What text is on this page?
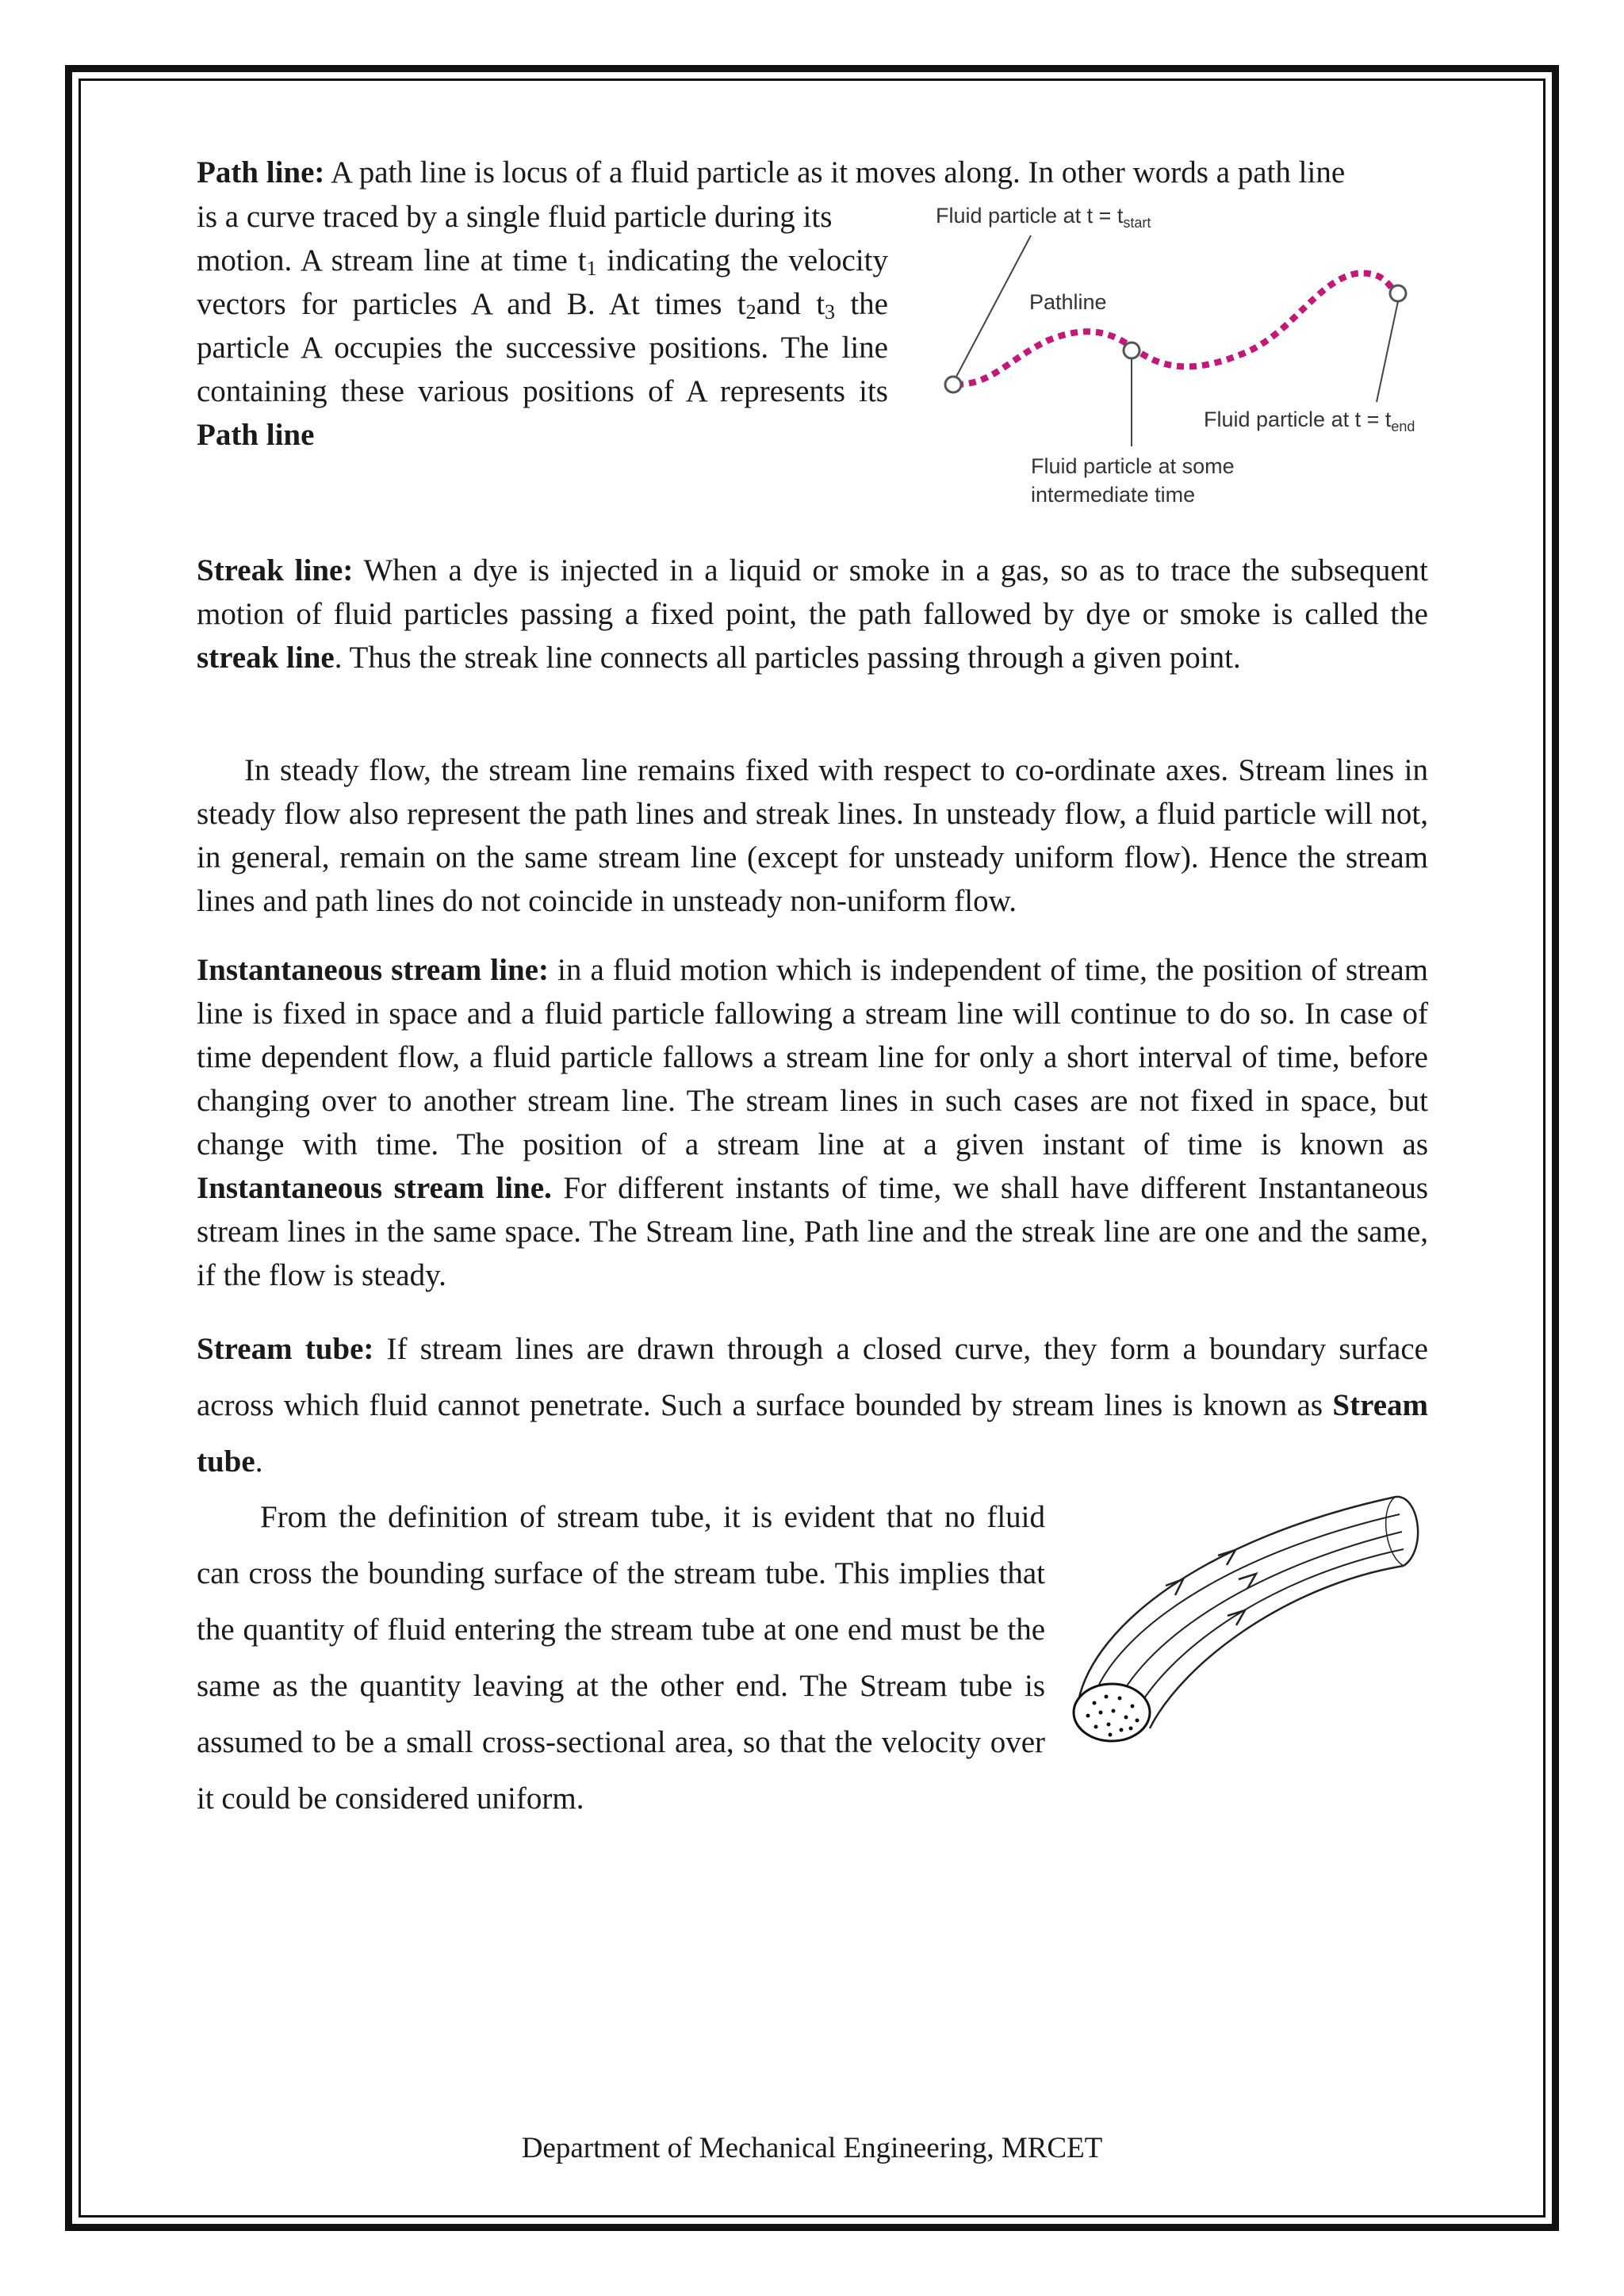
Path line: A path line is locus of a fluid particle as it moves along. In other words a path line

is a curve traced by a single fluid particle during its

motion. A stream line at time $t_1$ indicating the velocity vectors for particles A and B. At times t2and t3 the particle A occupies the successive positions. The line containing these various positions of A represents its Path line

Fluid particle at $t = t_{start}$
Pathline
Fluid particle at $t = t_{end}$
Fluid particle at some
intermediate time

Streak line: When a dye is injected in a liquid or smoke in a gas, so as to trace the subsequent motion of fluid particles passing a fixed point, the path fallowed by dye or smoke is called the streak line. Thus the streak line connects all particles passing through a given point.

In steady flow, the stream line remains fixed with respect to co-ordinate axes. Stream lines in steady flow also represent the path lines and streak lines. In unsteady flow, a fluid particle will not, in general, remain on the same stream line (except for unsteady uniform flow). Hence the stream lines and path lines do not coincide in unsteady non-uniform flow.

Instantaneous stream line: in a fluid motion which is independent of time, the position of stream line is fixed in space and a fluid particle fallowing a stream line will continue to do so. In case of time dependent flow, a fluid particle fallows a stream line for only a short interval of time, before changing over to another stream line. The stream lines in such cases are not fixed in space, but change with time. The position of a stream line at a given instant of time is known as Instantaneous stream line. For different instants of time, we shall have different Instantaneous stream lines in the same space. The Stream line, Path line and the streak line are one and the same, if the flow is steady.

Stream tube: If stream lines are drawn through a closed curve, they form a boundary surface across which fluid cannot penetrate. Such a surface bounded by stream lines is known as Stream tube.

From the definition of stream tube, it is evident that no fluid can cross the bounding surface of the stream tube. This implies that the quantity of fluid entering the stream tube at one end must be the same as the quantity leaving at the other end. The Stream tube is assumed to be a small cross-sectional area, so that the velocity over it could be considered uniform.

Department of Mechanical Engineering, MRCET
